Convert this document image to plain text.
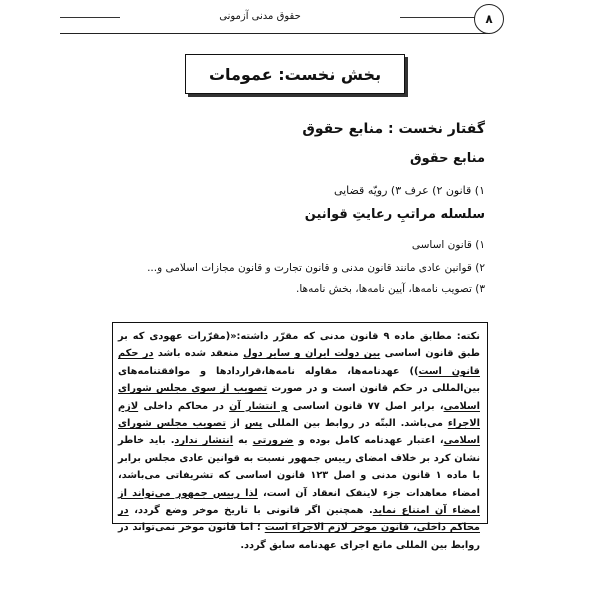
حقوق مدنی آزمونی	۸
بخش نخست: عمومات
گفتار نخست : منابع حقوق
منابع حقوق
۱) قانون ۲) عرف ۳) رویّه قضایی
سلسله مراتبِ رعایتِ قوانین
۱) قانون اساسی
۲) قوانین عادی مانند قانون مدنی و قانون تجارت و قانون مجازات اسلامی و...
۳) تصویب نامه‌ها، آیین نامه‌ها، بخش نامه‌ها.
نکته: مطابق ماده ۹ قانون مدنی که مقرّر داشته:«(مقرّرات عهودی که بر طبق قانون اساسی بین دولت ایران و سایر دول منعقد شده باشد در حکم قانون است)) عهدنامه‌ها، مقاوله نامه‌ها،قراردادها و موافقتنامه‌های بین‌المللی در حکم قانون است و در صورت تصویب از سوی مجلس شورای اسلامی، برابر اصل ۷۷ قانون اساسی و انتشار آن در محاکم داخلی لازم الاجراء می‌باشد. البتّه در روابط بین المللی پس از تصویب مجلس شورای اسلامی، اعتبار عهدنامه کامل بوده و ضرورتی به انتشار ندارد. باید خاطر نشان کرد بر خلاف امضای رییس جمهور نسبت به قوانین عادی مجلس برابر با ماده ۱ قانون مدنی و اصل ۱۲۳ قانون اساسی که تشریفاتی می‌باشد، امضاء معاهدات جزء لاینفک انعقاد آن است، لذا رییس جمهور می‌تواند از امضاء آن امتناع نماید. همچنین اگر قانونی با تاریخ موخر وضع گردد، در محاکم داخلی، قانون موخر لازم الاجراء است ؛ اما قانون موخر نمی‌تواند در روابط بین المللی مانع اجرای عهدنامه سابق گردد.
